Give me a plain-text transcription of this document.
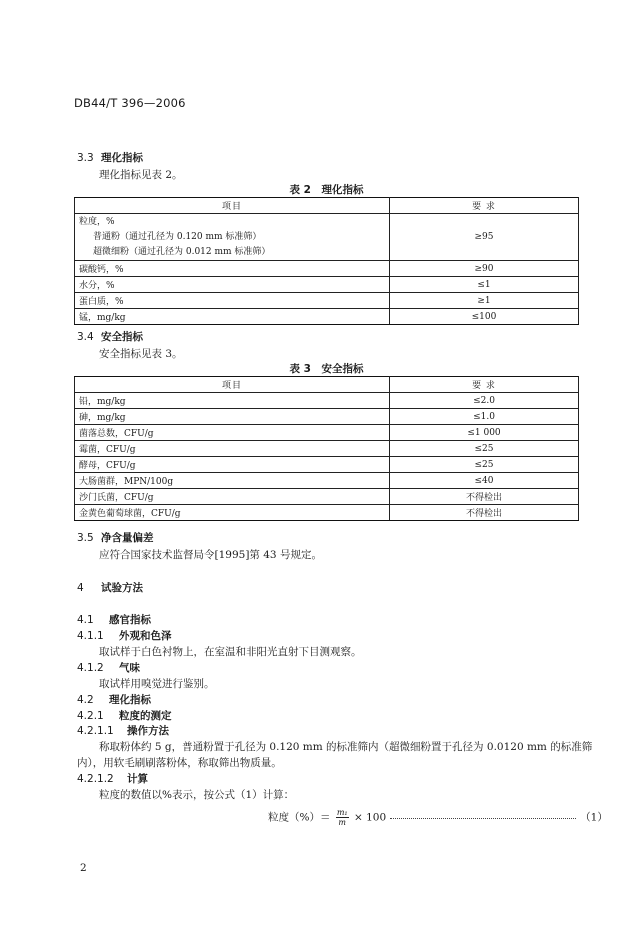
DB44/T 396—2006
3.3 理化指标
理化指标见表 2。
表 2　理化指标
项目	要 求

粒度，%
普通粉（通过孔径为 0.120 mm 标准筛）
超微细粉（通过孔径为 0.012 mm 标准筛）	≥95
碳酸钙，%	≥90
水分，%	≤1
蛋白质，%	≥1
锰，mg/kg	≤100
3.4 安全指标
安全指标见表 3。
表 3　安全指标
项目	要 求
铅，mg/kg	≤2.0
砷，mg/kg	≤1.0
菌落总数，CFU/g	≤1 000
霉菌，CFU/g	≤25
酵母，CFU/g	≤25
大肠菌群，MPN/100g	≤40
沙门氏菌，CFU/g	不得检出
金黄色葡萄球菌，CFU/g	不得检出
3.5 净含量偏差
应符合国家技术监督局令[1995]第 43 号规定。
4 试验方法
4.1 感官指标
4.1.1 外观和色泽
取试样于白色衬物上，在室温和非阳光直射下目测观察。
4.1.2 气味
取试样用嗅觉进行鉴别。
4.2 理化指标
4.2.1 粒度的测定
4.2.1.1 操作方法
称取粉体约 5 g，普通粉置于孔径为 0.120 mm 的标准筛内（超微细粉置于孔径为 0.0120 mm 的标准筛
内），用软毛刷刷落粉体，称取筛出物质量。
4.2.1.2 计算
粒度的数值以%表示，按公式（1）计算：
粒度（%）＝ $\frac{\text{m₁}}{m} \times 100$	（1）
2
